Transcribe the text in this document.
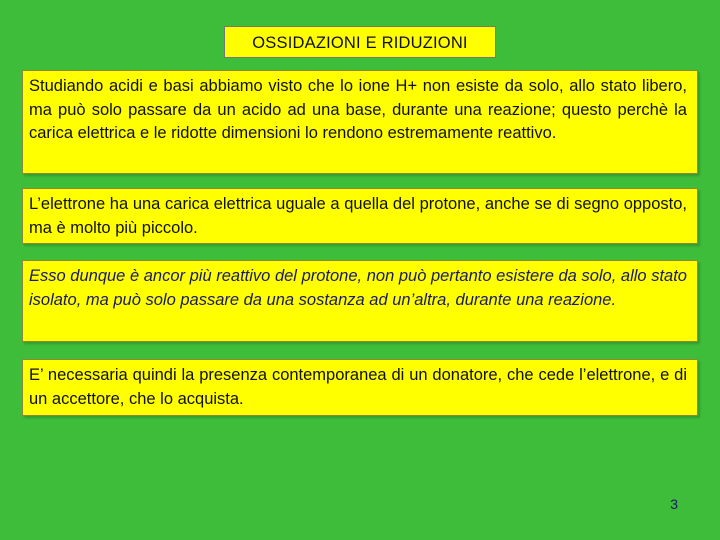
OSSIDAZIONI E RIDUZIONI

Studiando acidi e basi abbiamo visto che lo ione H+ non esiste da solo, allo stato libero, ma può solo passare da un acido ad una base, durante una reazione; questo perchè la carica elettrica e le ridotte dimensioni lo rendono estremamente reattivo.

L’elettrone ha una carica elettrica uguale a quella del protone, anche se di segno opposto, ma è molto più piccolo.

Esso dunque è ancor più reattivo del protone, non può pertanto esistere da solo, allo stato isolato, ma può solo passare da una sostanza ad un’altra, durante una reazione.

E’ necessaria quindi la presenza contemporanea di un donatore, che cede l’elettrone, e di un accettore, che lo acquista.

3
